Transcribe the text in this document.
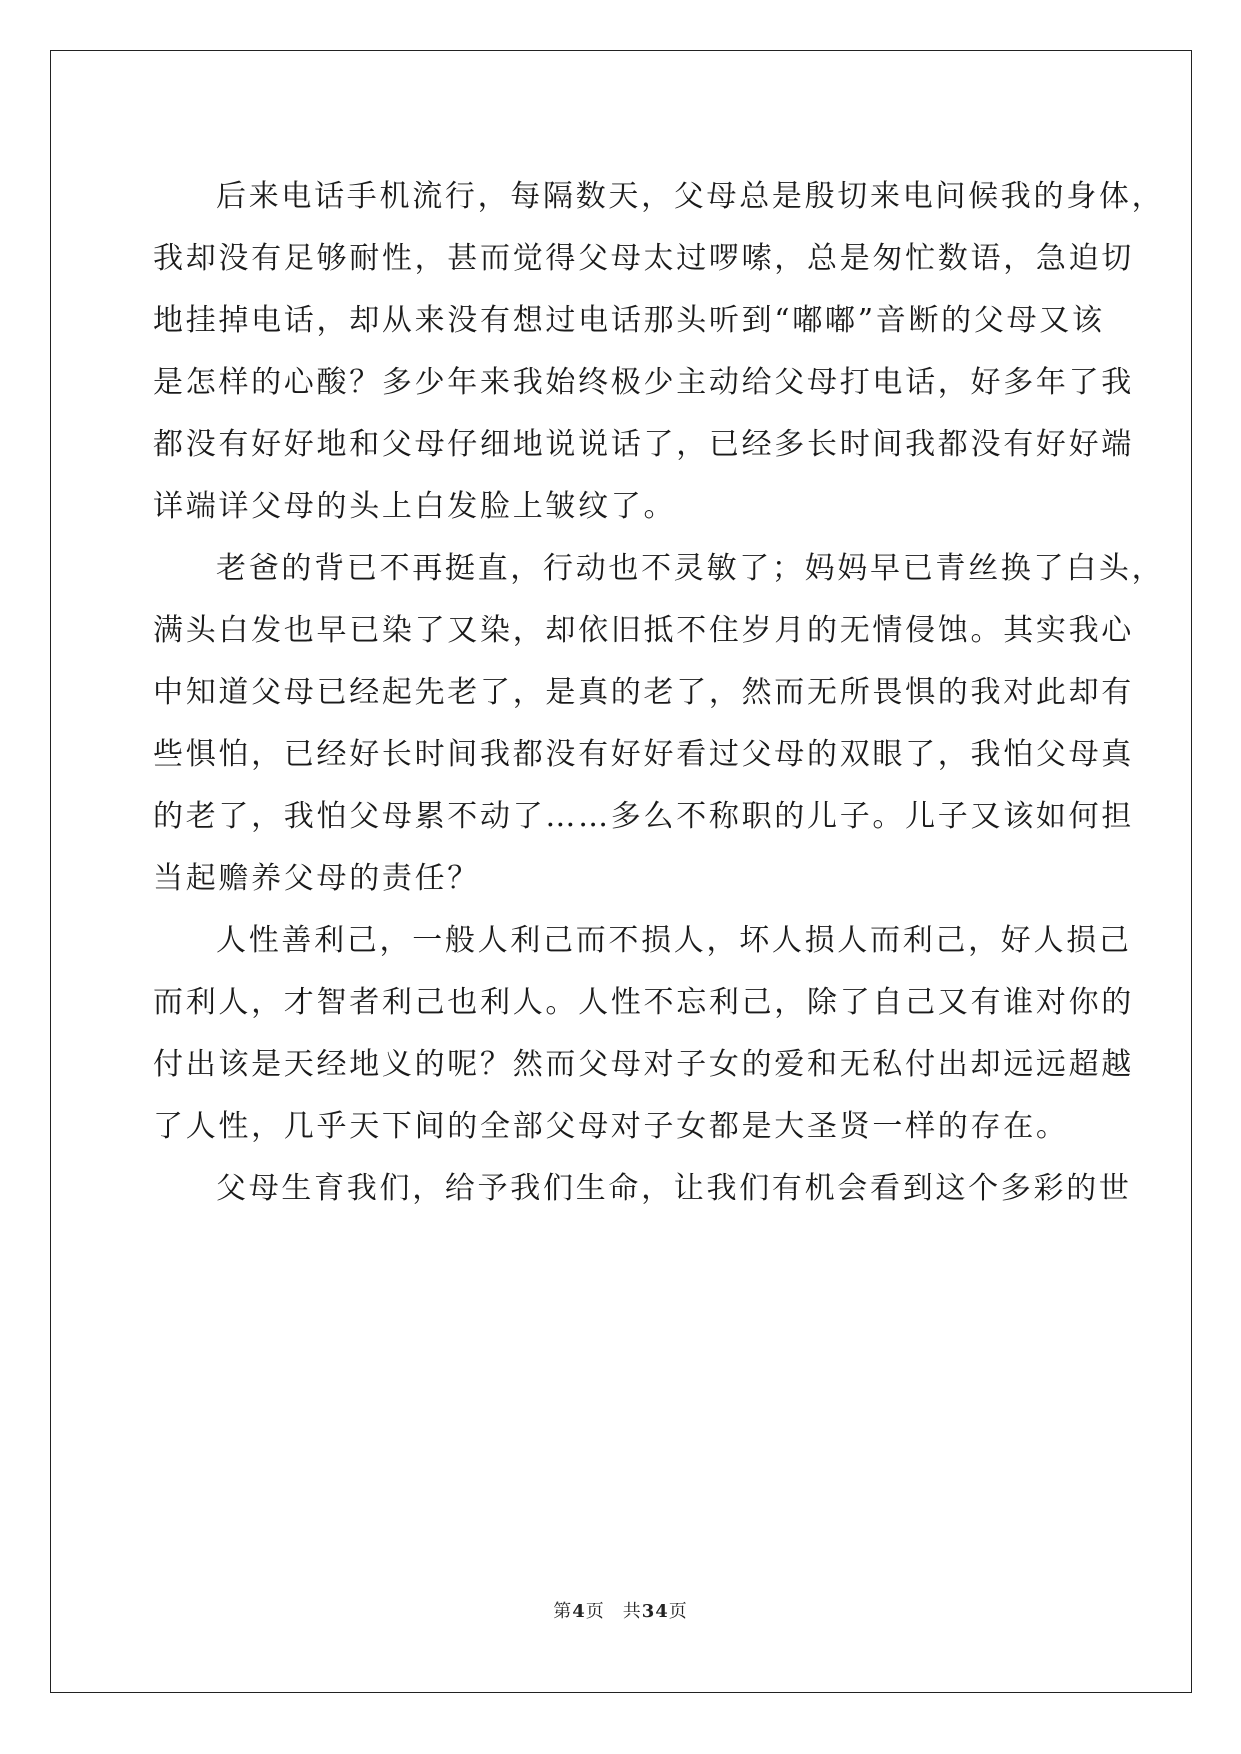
后来电话手机流行，每隔数天，父母总是殷切来电问候我的身体，
我却没有足够耐性，甚而觉得父母太过啰嗦，总是匆忙数语，急迫切
地挂掉电话，却从来没有想过电话那头听到“嘟嘟”音断的父母又该
是怎样的心酸？多少年来我始终极少主动给父母打电话，好多年了我
都没有好好地和父母仔细地说说话了，已经多长时间我都没有好好端
详端详父母的头上白发脸上皱纹了。
老爸的背已不再挺直，行动也不灵敏了；妈妈早已青丝换了白头，
满头白发也早已染了又染，却依旧抵不住岁月的无情侵蚀。其实我心
中知道父母已经起先老了，是真的老了，然而无所畏惧的我对此却有
些惧怕，已经好长时间我都没有好好看过父母的双眼了，我怕父母真
的老了，我怕父母累不动了……多么不称职的儿子。儿子又该如何担
当起赡养父母的责任？
人性善利己，一般人利己而不损人，坏人损人而利己，好人损己
而利人，才智者利己也利人。人性不忘利己，除了自己又有谁对你的
付出该是天经地义的呢？然而父母对子女的爱和无私付出却远远超越
了人性，几乎天下间的全部父母对子女都是大圣贤一样的存在。
父母生育我们，给予我们生命，让我们有机会看到这个多彩的世
第4页 共34页
